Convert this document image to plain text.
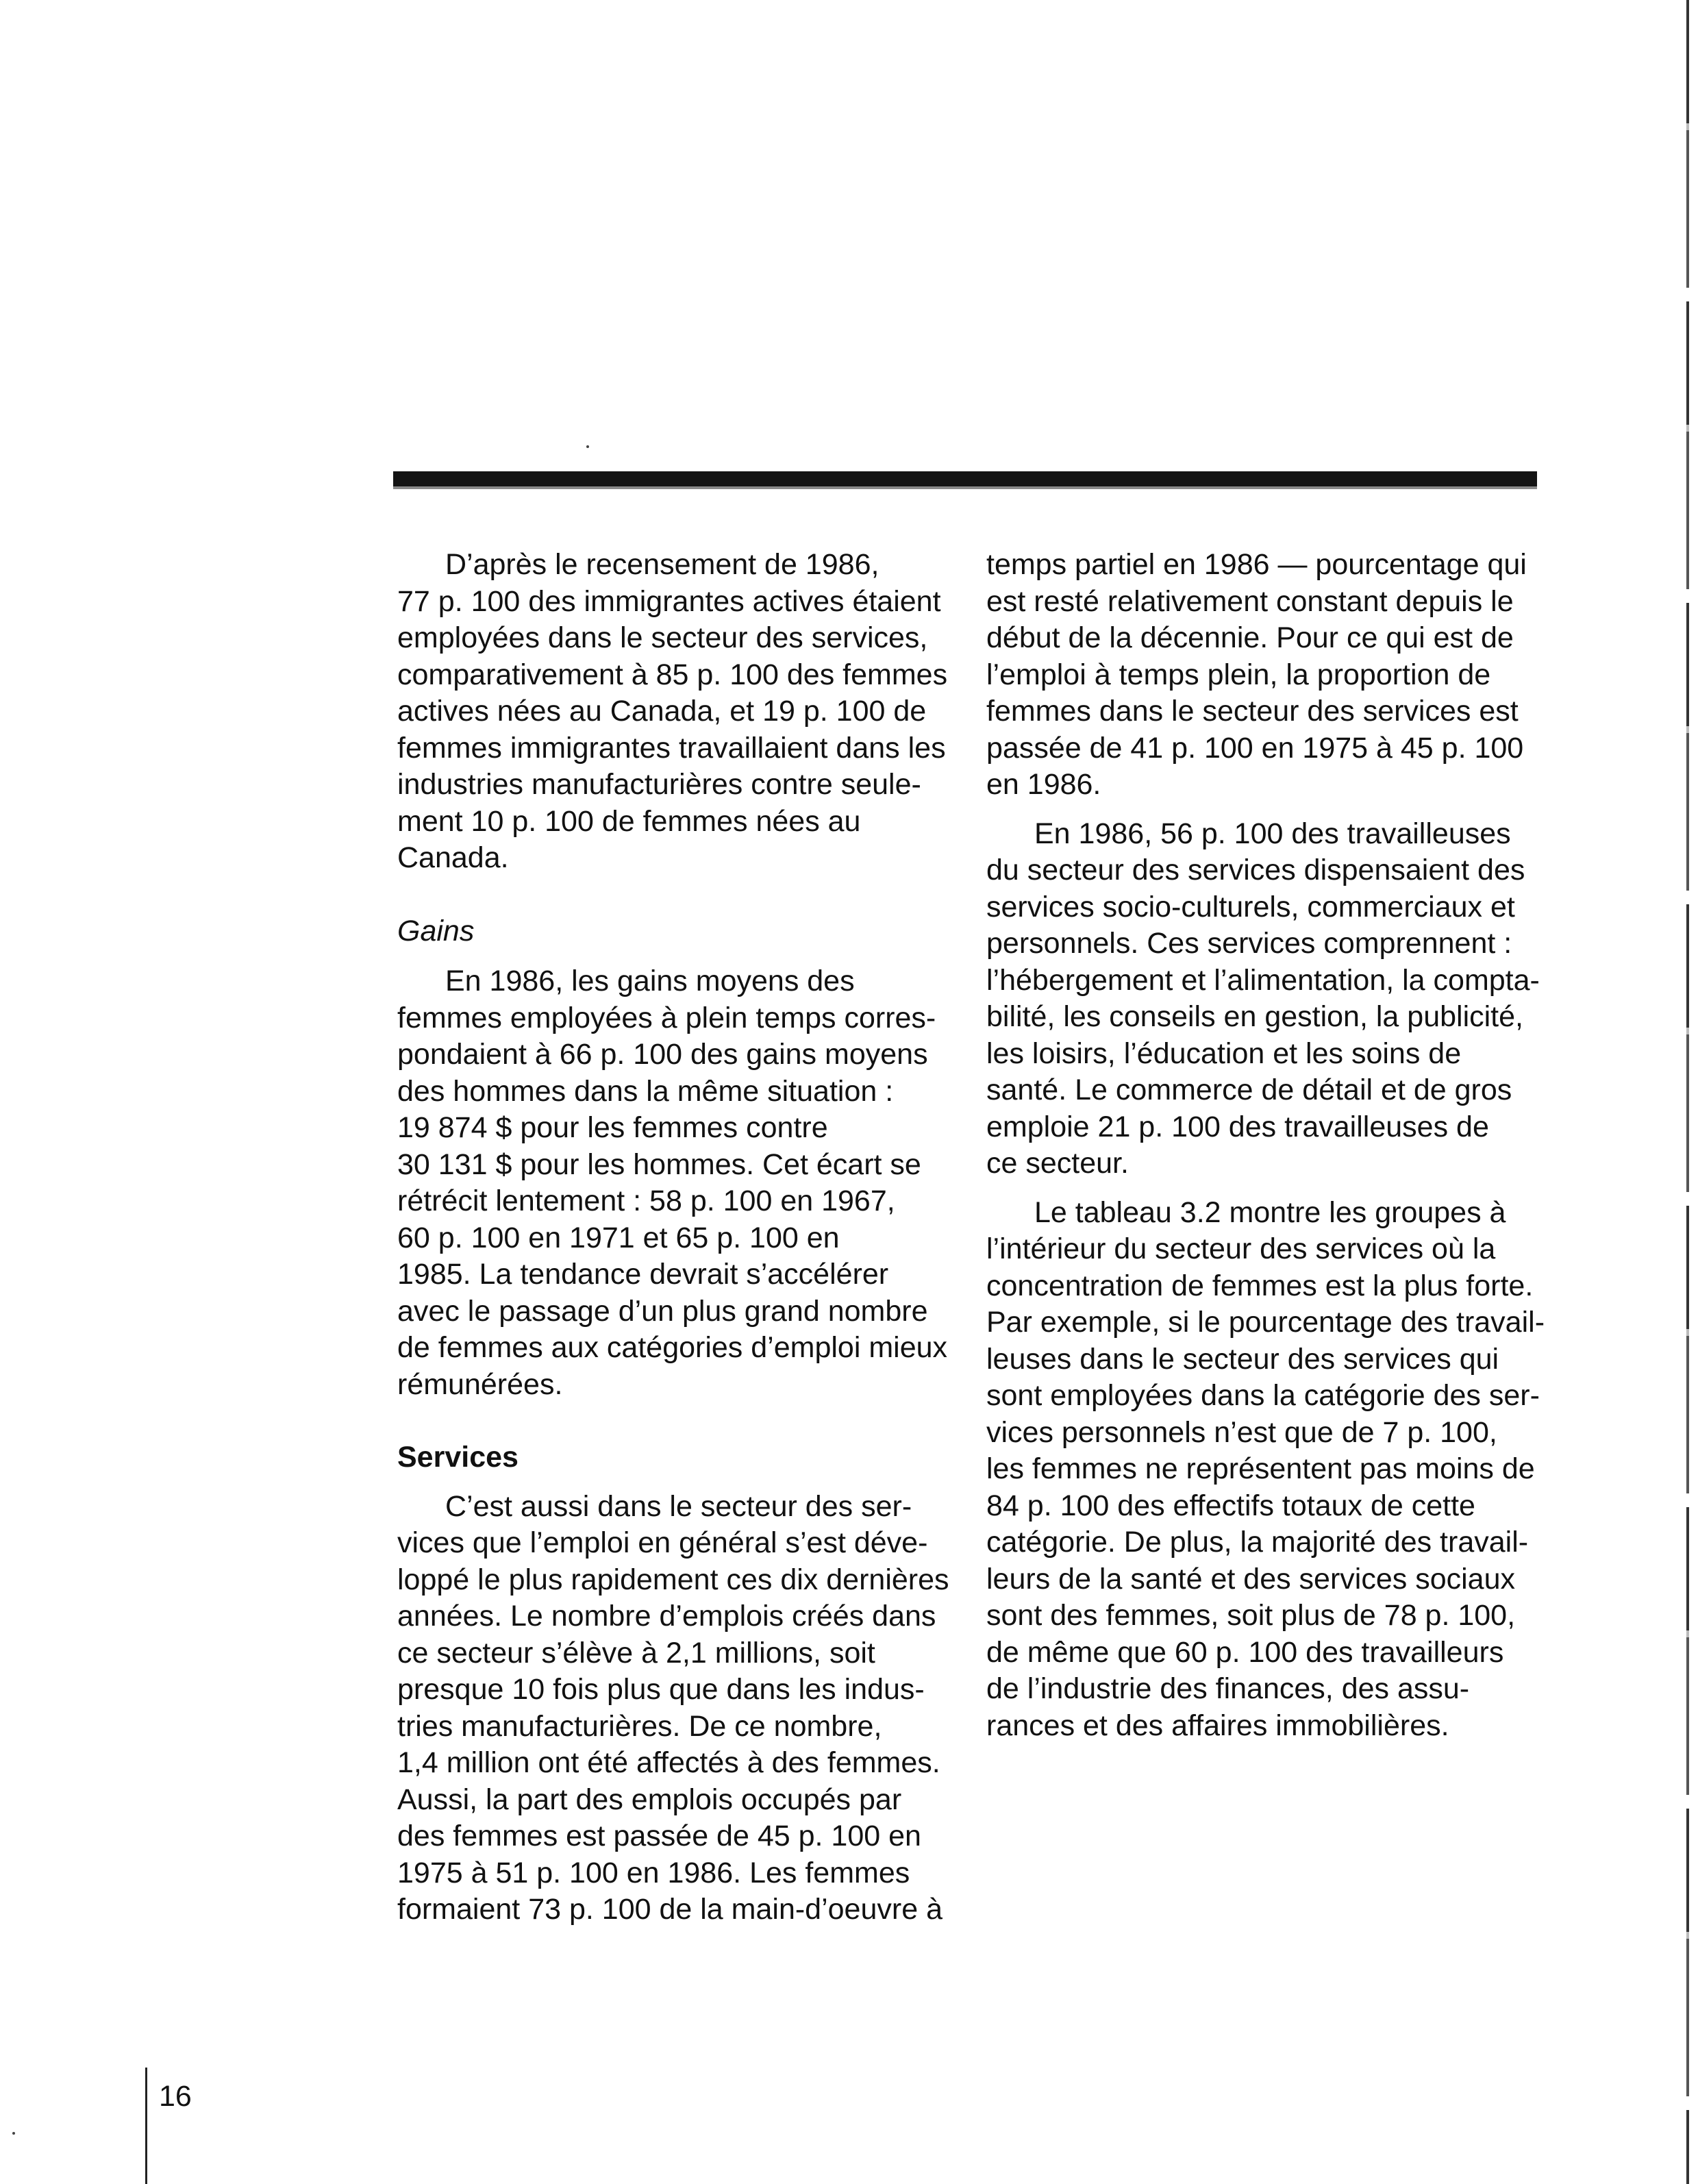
D’après le recensement de 1986,
77 p. 100 des immigrantes actives étaient
employées dans le secteur des services,
comparativement à 85 p. 100 des femmes
actives nées au Canada, et 19 p. 100 de
femmes immigrantes travaillaient dans les
industries manufacturières contre seule-
ment 10 p. 100 de femmes nées au
Canada.

Gains

En 1986, les gains moyens des
femmes employées à plein temps corres-
pondaient à 66 p. 100 des gains moyens
des hommes dans la même situation :
19 874 $ pour les femmes contre
30 131 $ pour les hommes. Cet écart se
rétrécit lentement : 58 p. 100 en 1967,
60 p. 100 en 1971 et 65 p. 100 en
1985. La tendance devrait s’accélérer
avec le passage d’un plus grand nombre
de femmes aux catégories d’emploi mieux
rémunérées.

Services

C’est aussi dans le secteur des ser-
vices que l’emploi en général s’est déve-
loppé le plus rapidement ces dix dernières
années. Le nombre d’emplois créés dans
ce secteur s’élève à 2,1 millions, soit
presque 10 fois plus que dans les indus-
tries manufacturières. De ce nombre,
1,4 million ont été affectés à des femmes.
Aussi, la part des emplois occupés par
des femmes est passée de 45 p. 100 en
1975 à 51 p. 100 en 1986. Les femmes
formaient 73 p. 100 de la main-d’oeuvre à

temps partiel en 1986 — pourcentage qui
est resté relativement constant depuis le
début de la décennie. Pour ce qui est de
l’emploi à temps plein, la proportion de
femmes dans le secteur des services est
passée de 41 p. 100 en 1975 à 45 p. 100
en 1986.

En 1986, 56 p. 100 des travailleuses
du secteur des services dispensaient des
services socio-culturels, commerciaux et
personnels. Ces services comprennent :
l’hébergement et l’alimentation, la compta-
bilité, les conseils en gestion, la publicité,
les loisirs, l’éducation et les soins de
santé. Le commerce de détail et de gros
emploie 21 p. 100 des travailleuses de
ce secteur.

Le tableau 3.2 montre les groupes à
l’intérieur du secteur des services où la
concentration de femmes est la plus forte.
Par exemple, si le pourcentage des travail-
leuses dans le secteur des services qui
sont employées dans la catégorie des ser-
vices personnels n’est que de 7 p. 100,
les femmes ne représentent pas moins de
84 p. 100 des effectifs totaux de cette
catégorie. De plus, la majorité des travail-
leurs de la santé et des services sociaux
sont des femmes, soit plus de 78 p. 100,
de même que 60 p. 100 des travailleurs
de l’industrie des finances, des assu-
rances et des affaires immobilières.

16
